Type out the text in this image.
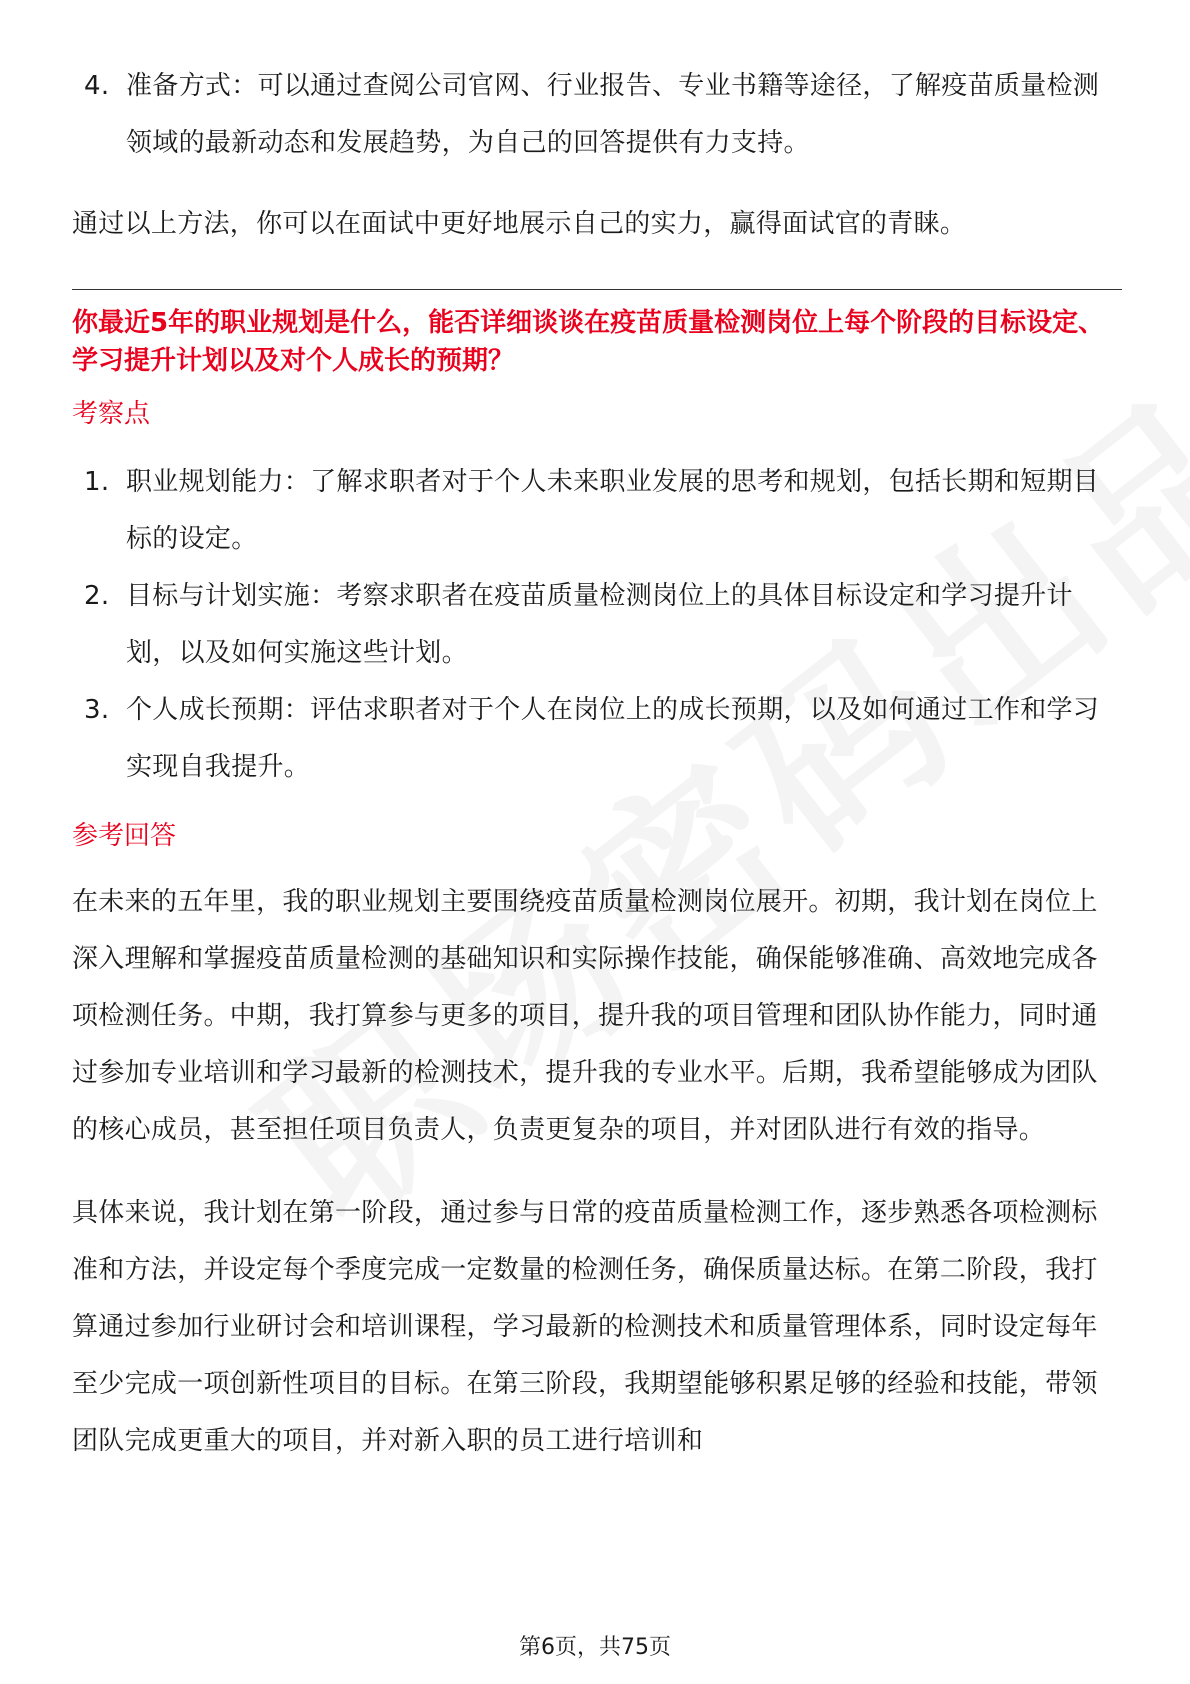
4. 准备方式：可以通过查阅公司官网、行业报告、专业书籍等途径，了解疫苗质量检测领域的最新动态和发展趋势，为自己的回答提供有力支持。

通过以上方法，你可以在面试中更好地展示自己的实力，赢得面试官的青睐。

你最近5年的职业规划是什么，能否详细谈谈在疫苗质量检测岗位上每个阶段的目标设定、学习提升计划以及对个人成长的预期？

考察点
1. 职业规划能力：了解求职者对于个人未来职业发展的思考和规划，包括长期和短期目标的设定。
2. 目标与计划实施：考察求职者在疫苗质量检测岗位上的具体目标设定和学习提升计划，以及如何实施这些计划。
3. 个人成长预期：评估求职者对于个人在岗位上的成长预期，以及如何通过工作和学习实现自我提升。
参考回答

在未来的五年里，我的职业规划主要围绕疫苗质量检测岗位展开。初期，我计划在岗位上深入理解和掌握疫苗质量检测的基础知识和实际操作技能，确保能够准确、高效地完成各项检测任务。中期，我打算参与更多的项目，提升我的项目管理和团队协作能力，同时通过参加专业培训和学习最新的检测技术，提升我的专业水平。后期，我希望能够成为团队的核心成员，甚至担任项目负责人，负责更复杂的项目，并对团队进行有效的指导。

具体来说，我计划在第一阶段，通过参与日常的疫苗质量检测工作，逐步熟悉各项检测标准和方法，并设定每个季度完成一定数量的检测任务，确保质量达标。在第二阶段，我打算通过参加行业研讨会和培训课程，学习最新的检测技术和质量管理体系，同时设定每年至少完成一项创新性项目的目标。在第三阶段，我期望能够积累足够的经验和技能，带领团队完成更重大的项目，并对新入职的员工进行培训和

第6页，共75页
